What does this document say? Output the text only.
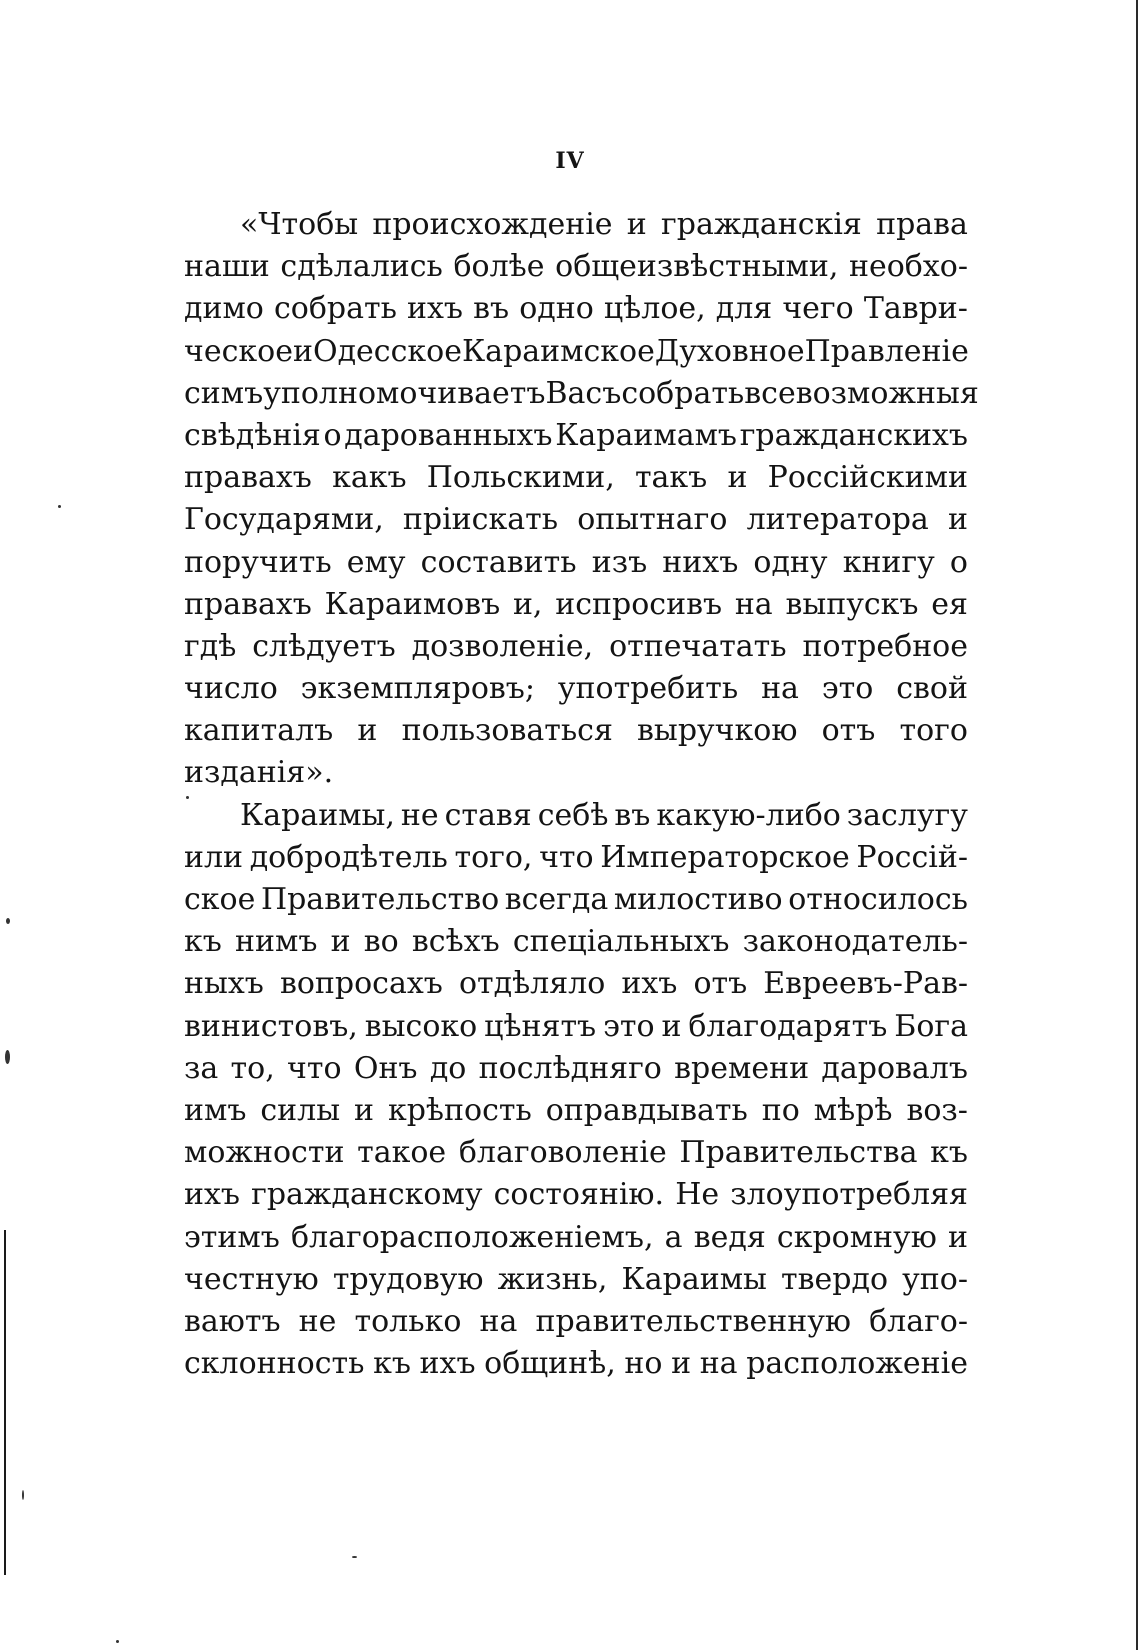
IV
«Чтобы происхожденіе и гражданскія права
наши сдѣлались болѣе общеизвѣстными, необхо-
димо собрать ихъ въ одно цѣлое, для чего Таври-
ческое и Одесское Караимское Духовное Правленіе
симъ уполномочиваетъ Васъ собрать всевозможныя
свѣдѣнія о дарованныхъ Караимамъ гражданскихъ
правахъ какъ Польскими, такъ и Россійскими
Государями, пріискать опытнаго литератора и
поручить ему составить изъ нихъ одну книгу о
правахъ Караимовъ и, испросивъ на выпускъ ея
гдѣ слѣдуетъ дозволеніе, отпечатать потребное
число экземпляровъ; употребить на это свой
капиталъ и пользоваться выручкою отъ того
изданія».
Караимы, не ставя себѣ въ какую-либо заслугу
или добродѣтель того, что Императорское Россій-
ское Правительство всегда милостиво относилось
къ нимъ и во всѣхъ спеціальныхъ законодатель-
ныхъ вопросахъ отдѣляло ихъ отъ Евреевъ-Рав-
винистовъ, высоко цѣнятъ это и благодарятъ Бога
за то, что Онъ до послѣдняго времени даровалъ
имъ силы и крѣпость оправдывать по мѣрѣ воз-
можности такое благоволеніе Правительства къ
ихъ гражданскому состоянію. Не злоупотребляя
этимъ благорасположеніемъ, а ведя скромную и
честную трудовую жизнь, Караимы твердо упо-
ваютъ не только на правительственную благо-
склонность къ ихъ общинѣ, но и на расположеніе
